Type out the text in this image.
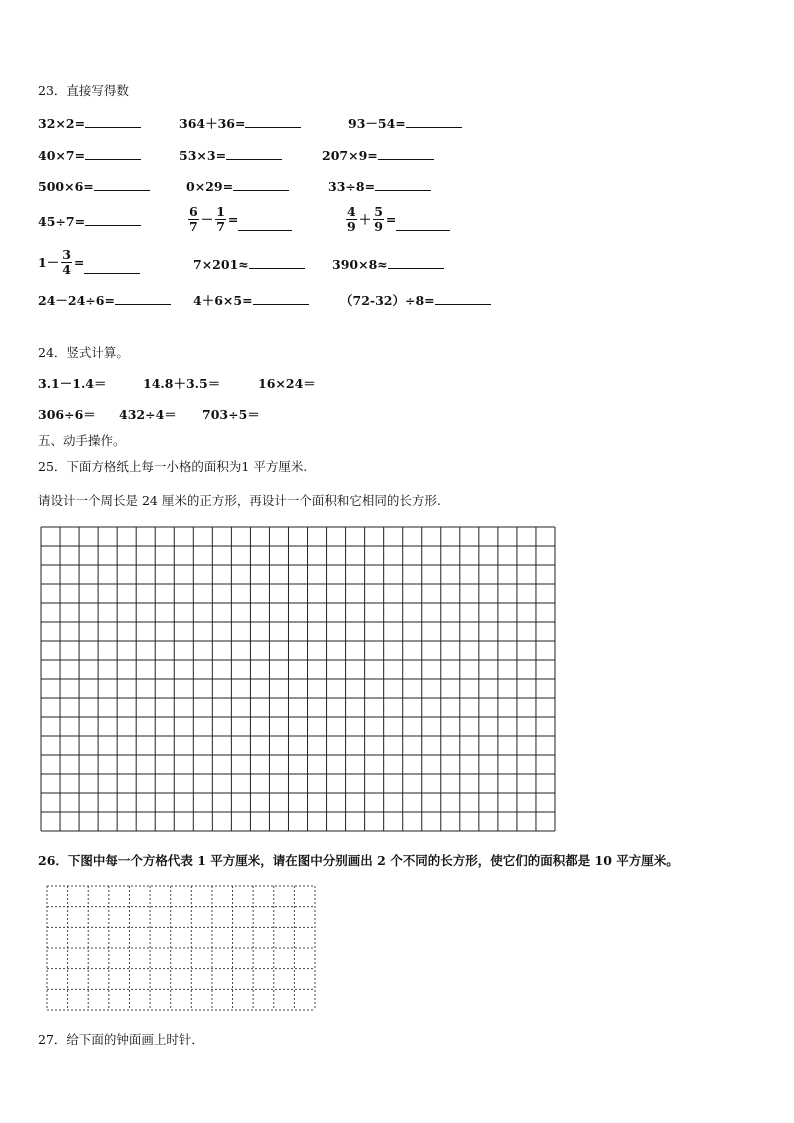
23．直接写得数
32×2=	364＋36=	93－54=
40×7=	53×3=	207×9=
500×6=	0×29=	33÷8=
45÷7=	$\frac{6}{7} - \frac{1}{7}$ =	$\frac{4}{9} + \frac{5}{9}$ =
$1- \frac{3}{4}$ =	7×201≈	390×8≈
24－24÷6=	4＋6×5=	（72-32）÷8=
24．竖式计算。
3.1－1.4＝	14.8＋3.5＝	16×24＝
306÷6＝ 432÷4＝ 703÷5＝
五、动手操作。
25．下面方格纸上每一小格的面积为1 平方厘米.
请设计一个周长是 24 厘米的正方形，再设计一个面积和它相同的长方形.
26．下图中每一个方格代表 1 平方厘米，请在图中分别画出 2 个不同的长方形，使它们的面积都是 10 平方厘米。
27．给下面的钟面画上时针．
